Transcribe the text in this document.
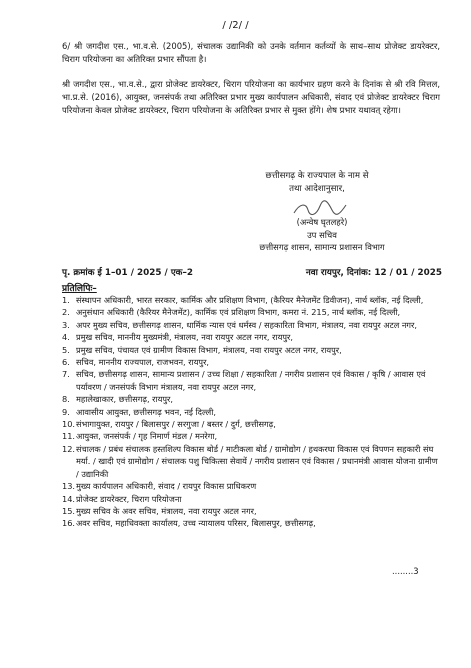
/ /2/ /
6/ श्री जगदीश एस., भा.व.से. (2005), संचालक उद्यानिकी को उनके वर्तमान कर्तव्यों के साथ–साथ प्रोजेक्ट डायरेक्टर, चिराग परियोजना का अतिरिक्त प्रभार सौंपता है।
श्री जगदीश एस., भा.व.से., द्वारा प्रोजेक्ट डायरेक्टर, चिराग परियोजना का कार्यभार ग्रहण करने के दिनांक से श्री रवि मित्तल, भा.प्र.से. (2016), आयुक्त, जनसंपर्क तथा अतिरिक्त प्रभार मुख्य कार्यपालन अधिकारी, संवाद एवं प्रोजेक्ट डायरेक्टर चिराग परियोजना केवल प्रोजेक्ट डायरेक्टर, चिराग परियोजना के अतिरिक्त प्रभार से मुक्त होंगे। शेष प्रभार यथावत् रहेगा।
छत्तीसगढ़ के राज्यपाल के नाम से
तथा आदेशानुसार,
(अन्वेष घृतलहरे)
उप सचिव
छत्तीसगढ़ शासन, सामान्य प्रशासन विभाग
पृ. क्रमांक ई 1–01 / 2025 / एक–2	नवा रायपुर, दिनांक: 12 / 01 / 2025
प्रतिलिपिः–
1. संस्थापन अधिकारी, भारत सरकार, कार्मिक और प्रशिक्षण विभाग, (कैरियर मैनेजमेंट डिवीजन), नार्थ ब्लॉक, नई दिल्ली,
2. अनुसंधान अधिकारी (कैरियर मैनेजमेंट), कार्मिक एवं प्रशिक्षण विभाग, कमरा नं. 215, नार्थ ब्लॉक, नई दिल्ली,
3. अपर मुख्य सचिव, छत्तीसगढ़ शासन, धार्मिक न्यास एवं धर्मस्व / सहकारिता विभाग, मंत्रालय, नवा रायपुर अटल नगर,
4. प्रमुख सचिव, माननीय मुख्यमंत्री, मंत्रालय, नवा रायपुर अटल नगर, रायपुर,
5. प्रमुख सचिव, पंचायत एवं ग्रामीण विकास विभाग, मंत्रालय, नवा रायपुर अटल नगर, रायपुर,
6. सचिव, माननीय राज्यपाल, राजभवन, रायपुर,
7. सचिव, छत्तीसगढ़ शासन, सामान्य प्रशासन / उच्च शिक्षा / सहकारिता / नगरीय प्रशासन एवं विकास / कृषि / आवास एवं पर्यावरण / जनसंपर्क विभाग मंत्रालय, नवा रायपुर अटल नगर,
8. महालेखाकार, छत्तीसगढ़, रायपुर,
9. आवासीय आयुक्त, छत्तीसगढ़ भवन, नई दिल्ली,
10. संभागायुक्त, रायपुर / बिलासपुर / सरगुजा / बस्तर / दुर्ग, छत्तीसगढ़,
11. आयुक्त, जनसंपर्क / गृह निमार्ण मंडल / मनरेगा,
12. संचालक / प्रबंध संचालक हस्तशिल्प विकास बोर्ड / माटीकला बोर्ड / ग्रामोद्योग / हथकरघा विकास एवं विपणन सहकारी संघ मर्या. / खादी एवं ग्रामोद्योग / संचालक पशु चिकित्सा सेवायें / नगरीय प्रशासन एवं विकास / प्रधानमंत्री आवास योजना ग्रामीण / उद्यानिकी
13. मुख्य कार्यपालन अधिकारी, संवाद / रायपुर विकास प्राधिकरण
14. प्रोजेक्ट डायरेक्टर, चिराग परियोजना
15. मुख्य सचिव के अवर सचिव, मंत्रालय, नवा रायपुर अटल नगर,
16. अवर सचिव, महाधिवक्ता कार्यालय, उच्च न्यायालय परिसर, बिलासपुर, छत्तीसगढ़,
........3
